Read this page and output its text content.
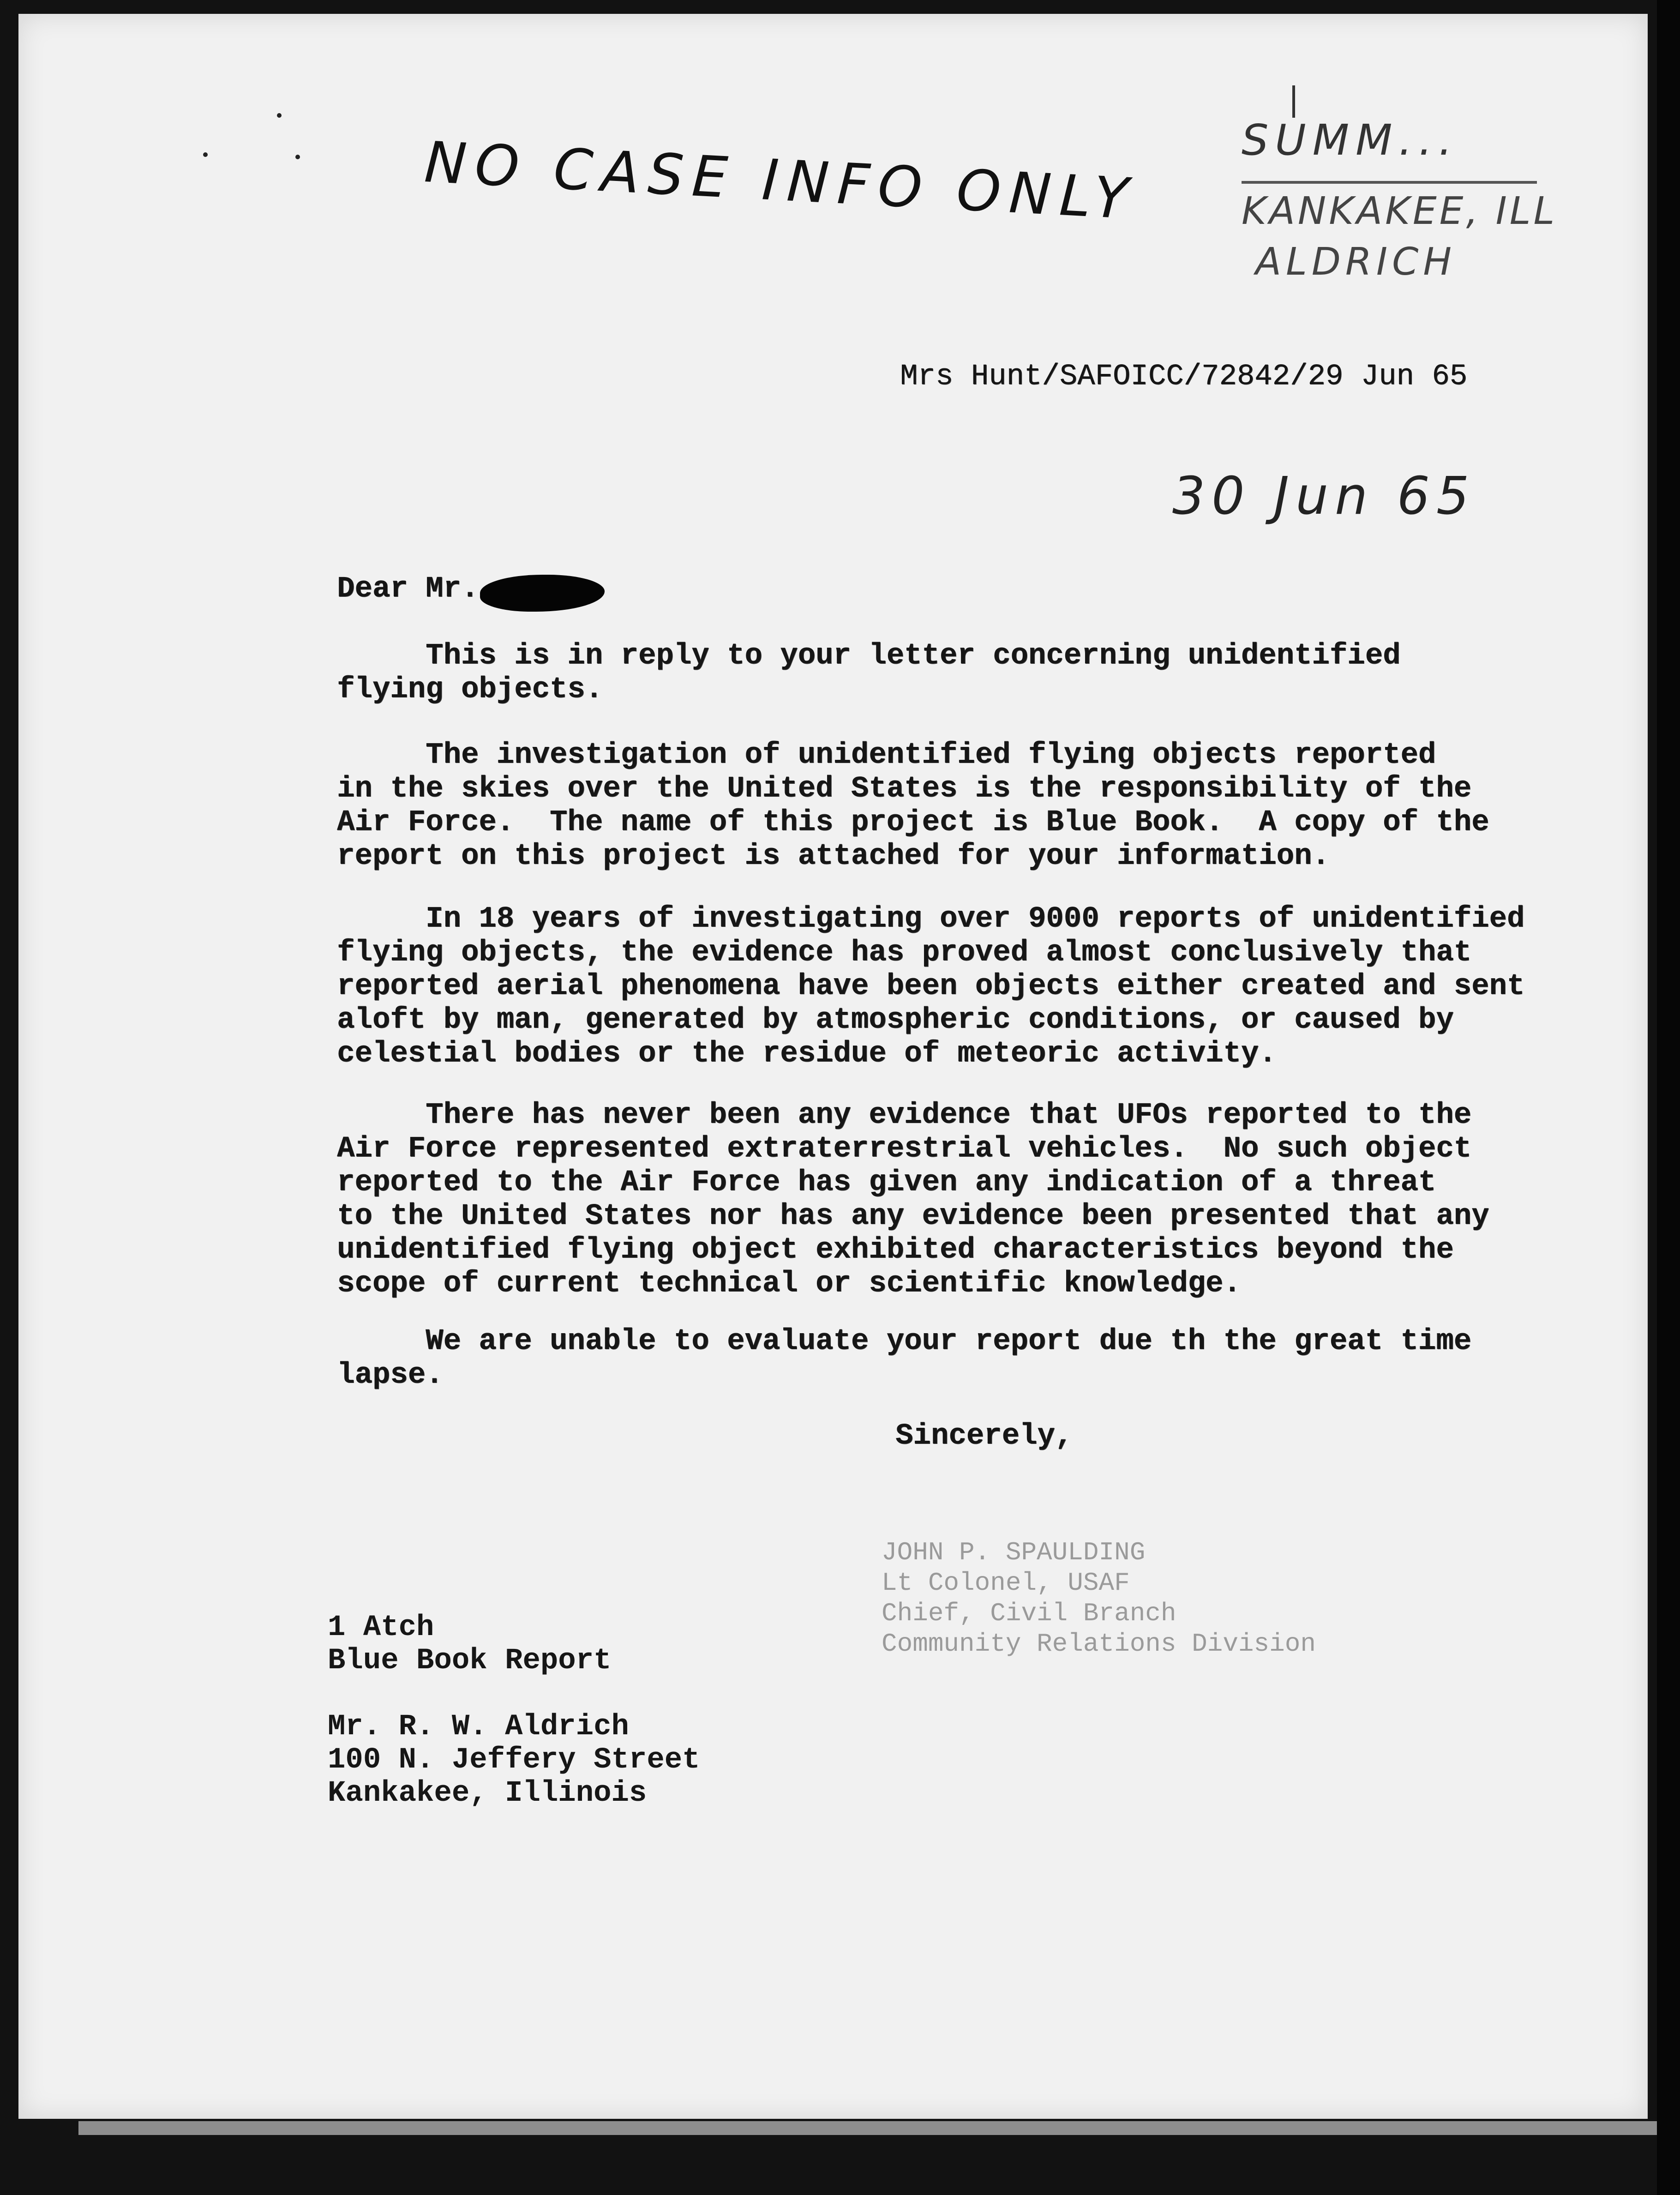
NO CASE INFO ONLY SUMM...
KANKAKEE, ILL
ALDRICH
Mrs Hunt/SAFOICC/72842/29 Jun 65
30 Jun 65
Dear Mr.
This is in reply to your letter concerning unidentified
flying objects.
The investigation of unidentified flying objects reported
in the skies over the United States is the responsibility of the
Air Force.  The name of this project is Blue Book.  A copy of the
report on this project is attached for your information.
In 18 years of investigating over 9000 reports of unidentified
flying objects, the evidence has proved almost conclusively that
reported aerial phenomena have been objects either created and sent
aloft by man, generated by atmospheric conditions, or caused by
celestial bodies or the residue of meteoric activity.
There has never been any evidence that UFOs reported to the
Air Force represented extraterrestrial vehicles.  No such object
reported to the Air Force has given any indication of a threat
to the United States nor has any evidence been presented that any
unidentified flying object exhibited characteristics beyond the
scope of current technical or scientific knowledge.
We are unable to evaluate your report due th the great time
lapse.
Sincerely,
JOHN P. SPAULDING
Lt Colonel, USAF
Chief, Civil Branch
Community Relations Division
1 Atch
Blue Book Report
Mr. R. W. Aldrich
100 N. Jeffery Street
Kankakee, Illinois
